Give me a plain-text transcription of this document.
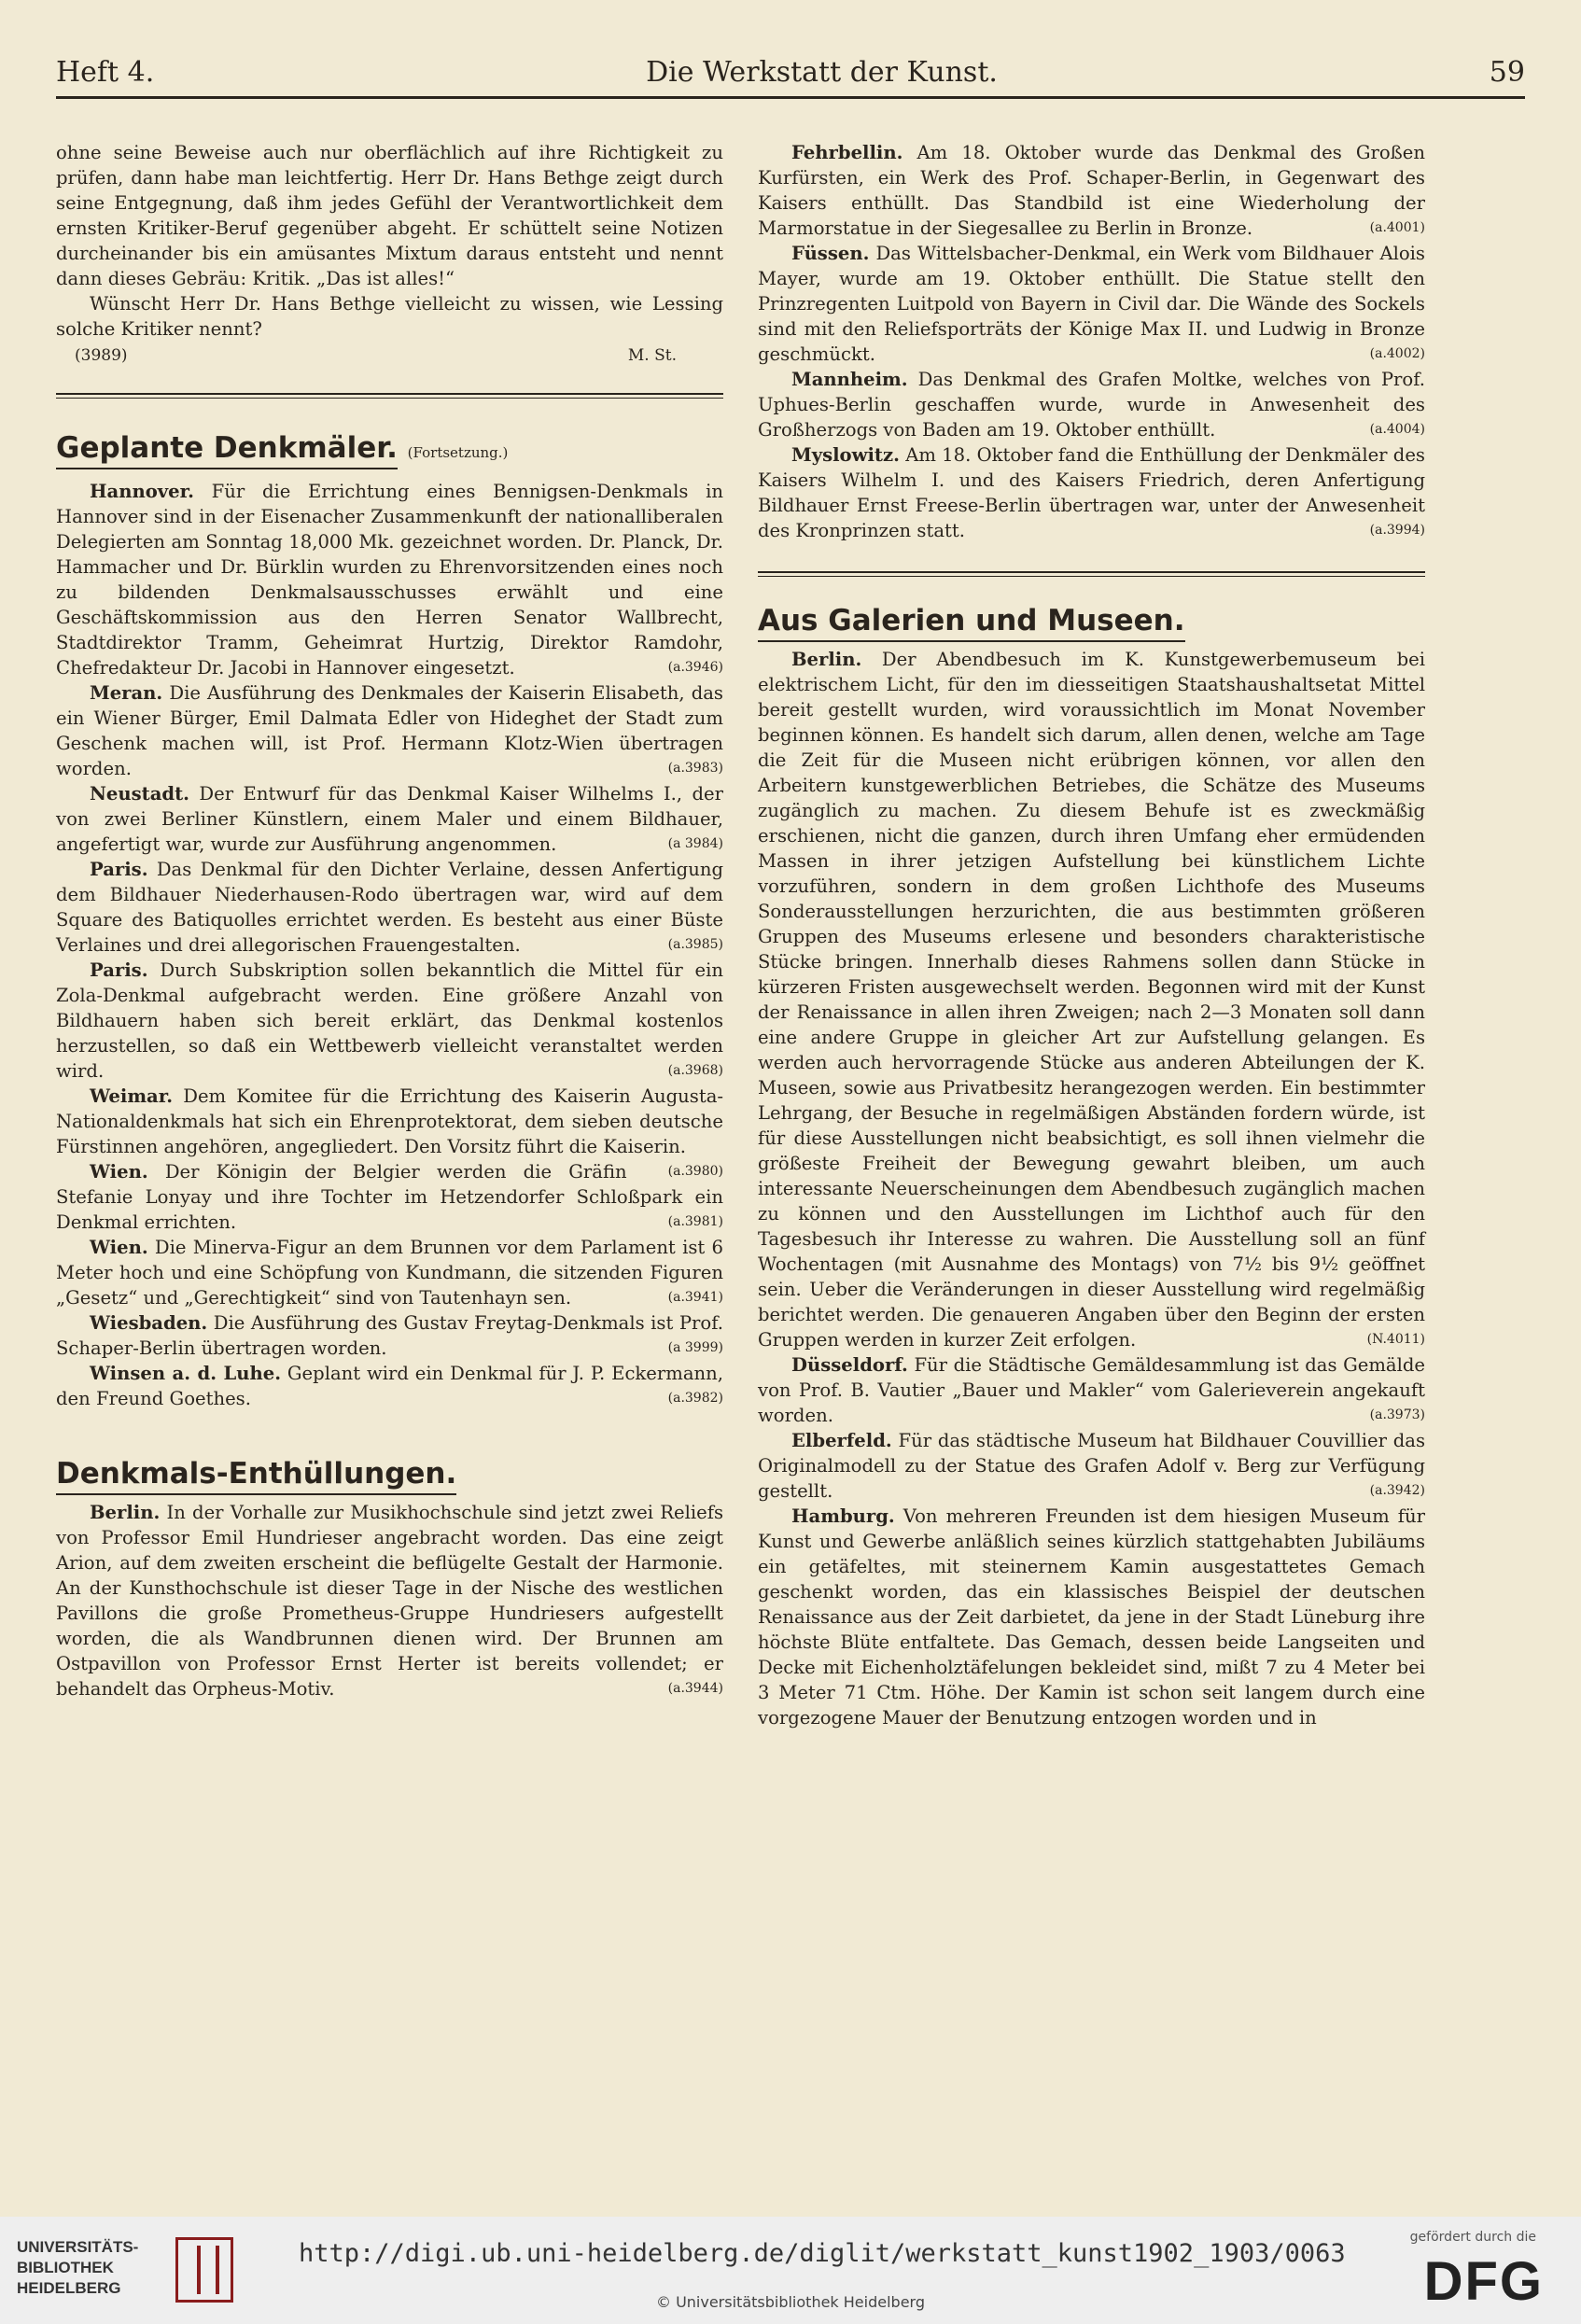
Heft 4.	Die Werkstatt der Kunst.	59

ohne seine Beweise auch nur oberflächlich auf ihre Richtigkeit zu prüfen, dann habe man leichtfertig. Herr Dr. Hans Bethge zeigt durch seine Entgegnung, daß ihm jedes Gefühl der Verantwortlichkeit dem ernsten Kritiker-Beruf gegenüber abgeht. Er schüttelt seine Notizen durcheinander bis ein amüsantes Mixtum daraus entsteht und nennt dann dieses Gebräu: Kritik. „Das ist alles!“

Wünscht Herr Dr. Hans Bethge vielleicht zu wissen, wie Lessing solche Kritiker nennt?

(3989)	M. St.
Geplante Denkmäler. (Fortsetzung.)

Hannover. Für die Errichtung eines Bennigsen-Denkmals in Hannover sind in der Eisenacher Zusammenkunft der nationalliberalen Delegierten am Sonntag 18,000 Mk. gezeichnet worden. Dr. Planck, Dr. Hammacher und Dr. Bürklin wurden zu Ehrenvorsitzenden eines noch zu bildenden Denkmalsausschusses erwählt und eine Geschäftskommission aus den Herren Senator Wallbrecht, Stadtdirektor Tramm, Geheimrat Hurtzig, Direktor Ramdohr, Chefredakteur Dr. Jacobi in Hannover eingesetzt.	(a.3946)

Meran. Die Ausführung des Denkmales der Kaiserin Elisabeth, das ein Wiener Bürger, Emil Dalmata Edler von Hideghet der Stadt zum Geschenk machen will, ist Prof. Hermann Klotz-Wien übertragen worden.	(a.3983)

Neustadt. Der Entwurf für das Denkmal Kaiser Wilhelms I., der von zwei Berliner Künstlern, einem Maler und einem Bildhauer, angefertigt war, wurde zur Ausführung angenommen.	(a 3984)

Paris. Das Denkmal für den Dichter Verlaine, dessen Anfertigung dem Bildhauer Niederhausen-Rodo übertragen war, wird auf dem Square des Batiquolles errichtet werden. Es besteht aus einer Büste Verlaines und drei allegorischen Frauengestalten.	(a.3985)

Paris. Durch Subskription sollen bekanntlich die Mittel für ein Zola-Denkmal aufgebracht werden. Eine größere Anzahl von Bildhauern haben sich bereit erklärt, das Denkmal kostenlos herzustellen, so daß ein Wettbewerb vielleicht veranstaltet werden wird.	(a.3968)

Weimar. Dem Komitee für die Errichtung des Kaiserin Augusta-Nationaldenkmals hat sich ein Ehrenprotektorat, dem sieben deutsche Fürstinnen angehören, angegliedert. Den Vorsitz führt die Kaiserin.
(a.3980)

Wien. Der Königin der Belgier werden die Gräfin Stefanie Lonyay und ihre Tochter im Hetzendorfer Schloßpark ein Denkmal errichten.	(a.3981)

Wien. Die Minerva-Figur an dem Brunnen vor dem Parlament ist 6 Meter hoch und eine Schöpfung von Kundmann, die sitzenden Figuren „Gesetz“ und „Gerechtigkeit“ sind von Tautenhayn sen.	(a.3941)

Wiesbaden. Die Ausführung des Gustav Freytag-Denkmals ist Prof. Schaper-Berlin übertragen worden.	(a 3999)

Winsen a. d. Luhe. Geplant wird ein Denkmal für J. P. Eckermann, den Freund Goethes.	(a.3982)

Denkmals-Enthüllungen.

Berlin. In der Vorhalle zur Musikhochschule sind jetzt zwei Reliefs von Professor Emil Hundrieser angebracht worden. Das eine zeigt Arion, auf dem zweiten erscheint die beflügelte Gestalt der Harmonie. An der Kunsthochschule ist dieser Tage in der Nische des westlichen Pavillons die große Prometheus-Gruppe Hundriesers aufgestellt worden, die als Wandbrunnen dienen wird. Der Brunnen am Ostpavillon von Professor Ernst Herter ist bereits vollendet; er behandelt das Orpheus-Motiv.	(a.3944)

Fehrbellin. Am 18. Oktober wurde das Denkmal des Großen Kurfürsten, ein Werk des Prof. Schaper-Berlin, in Gegenwart des Kaisers enthüllt. Das Standbild ist eine Wiederholung der Marmorstatue in der Siegesallee zu Berlin in Bronze.	(a.4001)

Füssen. Das Wittelsbacher-Denkmal, ein Werk vom Bildhauer Alois Mayer, wurde am 19. Oktober enthüllt. Die Statue stellt den Prinzregenten Luitpold von Bayern in Civil dar. Die Wände des Sockels sind mit den Reliefsporträts der Könige Max II. und Ludwig in Bronze geschmückt.	(a.4002)

Mannheim. Das Denkmal des Grafen Moltke, welches von Prof. Uphues-Berlin geschaffen wurde, wurde in Anwesenheit des Großherzogs von Baden am 19. Oktober enthüllt.	(a.4004)

Myslowitz. Am 18. Oktober fand die Enthüllung der Denkmäler des Kaisers Wilhelm I. und des Kaisers Friedrich, deren Anfertigung Bildhauer Ernst Freese-Berlin übertragen war, unter der Anwesenheit des Kronprinzen statt.	(a.3994)

Aus Galerien und Museen.

Berlin. Der Abendbesuch im K. Kunstgewerbemuseum bei elektrischem Licht, für den im diesseitigen Staatshaushaltsetat Mittel bereit gestellt wurden, wird voraussichtlich im Monat November beginnen können. Es handelt sich darum, allen denen, welche am Tage die Zeit für die Museen nicht erübrigen können, vor allen den Arbeitern kunstgewerblichen Betriebes, die Schätze des Museums zugänglich zu machen. Zu diesem Behufe ist es zweckmäßig erschienen, nicht die ganzen, durch ihren Umfang eher ermüdenden Massen in ihrer jetzigen Aufstellung bei künstlichem Lichte vorzuführen, sondern in dem großen Lichthofe des Museums Sonderausstellungen herzurichten, die aus bestimmten größeren Gruppen des Museums erlesene und besonders charakteristische Stücke bringen. Innerhalb dieses Rahmens sollen dann Stücke in kürzeren Fristen ausgewechselt werden. Begonnen wird mit der Kunst der Renaissance in allen ihren Zweigen; nach 2—3 Monaten soll dann eine andere Gruppe in gleicher Art zur Aufstellung gelangen. Es werden auch hervorragende Stücke aus anderen Abteilungen der K. Museen, sowie aus Privatbesitz herangezogen werden. Ein bestimmter Lehrgang, der Besuche in regelmäßigen Abständen fordern würde, ist für diese Ausstellungen nicht beabsichtigt, es soll ihnen vielmehr die größeste Freiheit der Bewegung gewahrt bleiben, um auch interessante Neuerscheinungen dem Abendbesuch zugänglich machen zu können und den Ausstellungen im Lichthof auch für den Tagesbesuch ihr Interesse zu wahren. Die Ausstellung soll an fünf Wochentagen (mit Ausnahme des Montags) von 7½ bis 9½ geöffnet sein. Ueber die Veränderungen in dieser Ausstellung wird regelmäßig berichtet werden. Die genaueren Angaben über den Beginn der ersten Gruppen werden in kurzer Zeit erfolgen.	(N.4011)

Düsseldorf. Für die Städtische Gemäldesammlung ist das Gemälde von Prof. B. Vautier „Bauer und Makler“ vom Galerieverein angekauft worden.	(a.3973)

Elberfeld. Für das städtische Museum hat Bildhauer Couvillier das Originalmodell zu der Statue des Grafen Adolf v. Berg zur Verfügung gestellt.	(a.3942)

Hamburg. Von mehreren Freunden ist dem hiesigen Museum für Kunst und Gewerbe anläßlich seines kürzlich stattgehabten Jubiläums ein getäfeltes, mit steinernem Kamin ausgestattetes Gemach geschenkt worden, das ein klassisches Beispiel der deutschen Renaissance aus der Zeit darbietet, da jene in der Stadt Lüneburg ihre höchste Blüte entfaltete. Das Gemach, dessen beide Langseiten und Decke mit Eichenholztäfelungen bekleidet sind, mißt 7 zu 4 Meter bei 3 Meter 71 Ctm. Höhe. Der Kamin ist schon seit langem durch eine vorgezogene Mauer der Benutzung entzogen worden und in

UNIVERSITÄTS-
BIBLIOTHEK
HEIDELBERG
http://digi.ub.uni-heidelberg.de/diglit/werkstatt_kunst1902_1903/0063
© Universitätsbibliothek Heidelberg
gefördert durch die
DFG
